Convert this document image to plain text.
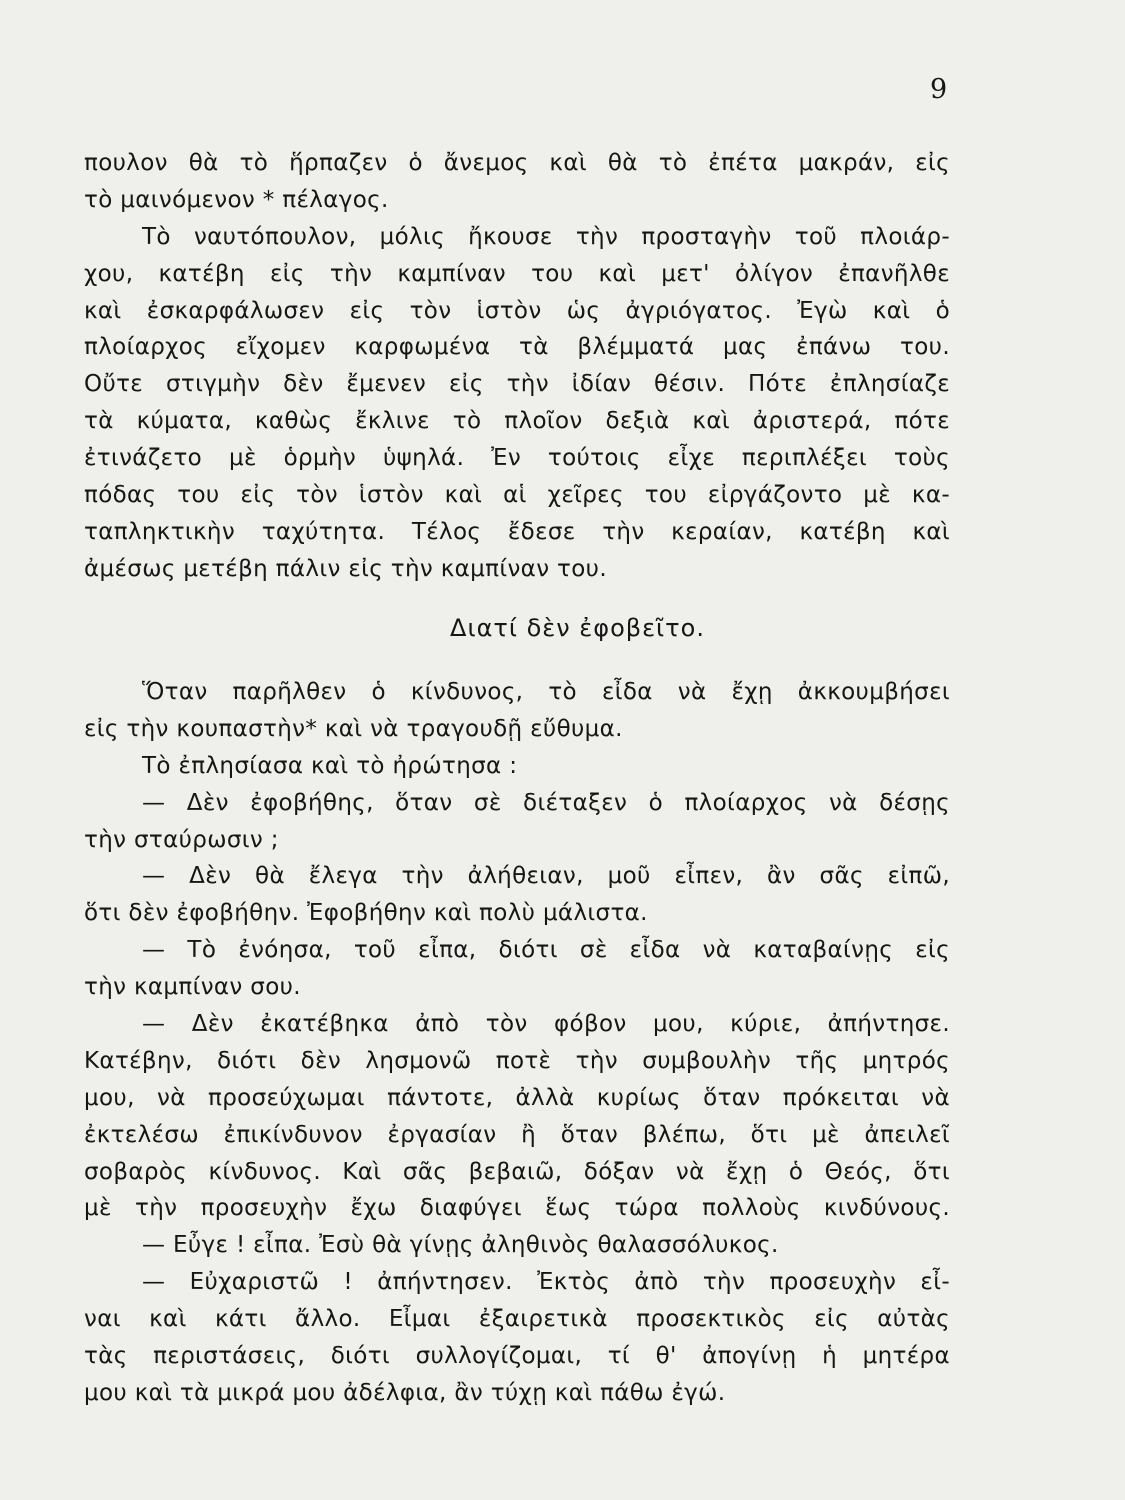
9
πουλον θὰ τὸ ἥρπαζεν ὁ ἄνεμος καὶ θὰ τὸ ἐπέτα μακράν, εἰς
τὸ μαινόμενον * πέλαγος.
Τὸ ναυτόπουλον, μόλις ἤκουσε τὴν προσταγὴν τοῦ πλοιάρ-
χου, κατέβη εἰς τὴν καμπίναν του καὶ μετ' ὀλίγον ἐπανῆλθε
καὶ ἐσκαρφάλωσεν εἰς τὸν ἱστὸν ὡς ἀγριόγατος. Ἐγὼ καὶ ὁ
πλοίαρχος εἴχομεν καρφωμένα τὰ βλέμματά μας ἐπάνω του.
Οὔτε στιγμὴν δὲν ἔμενεν εἰς τὴν ἰδίαν θέσιν. Πότε ἐπλησίαζε
τὰ κύματα, καθὼς ἔκλινε τὸ πλοῖον δεξιὰ καὶ ἀριστερά, πότε
ἐτινάζετο μὲ ὁρμὴν ὑψηλά. Ἐν τούτοις εἶχε περιπλέξει τοὺς
πόδας του εἰς τὸν ἱστὸν καὶ αἱ χεῖρες του εἰργάζοντο μὲ κα-
ταπληκτικὴν ταχύτητα. Τέλος ἔδεσε τὴν κεραίαν, κατέβη καὶ
ἀμέσως μετέβη πάλιν εἰς τὴν καμπίναν του.
Διατί δὲν ἐφοβεῖτο.
Ὅταν παρῆλθεν ὁ κίνδυνος, τὸ εἶδα νὰ ἔχῃ ἀκκουμβήσει
εἰς τὴν κουπαστὴν* καὶ νὰ τραγουδῇ εὔθυμα.
Τὸ ἐπλησίασα καὶ τὸ ἠρώτησα :
— Δὲν ἐφοβήθης, ὅταν σὲ διέταξεν ὁ πλοίαρχος νὰ δέσῃς
τὴν σταύρωσιν ;
— Δὲν θὰ ἔλεγα τὴν ἀλήθειαν, μοῦ εἶπεν, ἂν σᾶς εἰπῶ,
ὅτι δὲν ἐφοβήθην. Ἐφοβήθην καὶ πολὺ μάλιστα.
— Τὸ ἐνόησα, τοῦ εἶπα, διότι σὲ εἶδα νὰ καταβαίνῃς εἰς
τὴν καμπίναν σου.
— Δὲν ἐκατέβηκα ἀπὸ τὸν φόβον μου, κύριε, ἀπήντησε.
Κατέβην, διότι δὲν λησμονῶ ποτὲ τὴν συμβουλὴν τῆς μητρός
μου, νὰ προσεύχωμαι πάντοτε, ἀλλὰ κυρίως ὅταν πρόκειται νὰ
ἐκτελέσω ἐπικίνδυνον ἐργασίαν ἢ ὅταν βλέπω, ὅτι μὲ ἀπειλεῖ
σοβαρὸς κίνδυνος. Καὶ σᾶς βεβαιῶ, δόξαν νὰ ἔχῃ ὁ Θεός, ὅτι
μὲ τὴν προσευχὴν ἔχω διαφύγει ἕως τώρα πολλοὺς κινδύνους.
— Εὖγε ! εἶπα. Ἐσὺ θὰ γίνῃς ἀληθινὸς θαλασσόλυκος.
— Εὐχαριστῶ ! ἀπήντησεν. Ἐκτὸς ἀπὸ τὴν προσευχὴν εἶ-
ναι καὶ κάτι ἄλλο. Εἶμαι ἐξαιρετικὰ προσεκτικὸς εἰς αὐτὰς
τὰς περιστάσεις, διότι συλλογίζομαι, τί θ' ἀπογίνῃ ἡ μητέρα
μου καὶ τὰ μικρά μου ἀδέλφια, ἂν τύχῃ καὶ πάθω ἐγώ.
